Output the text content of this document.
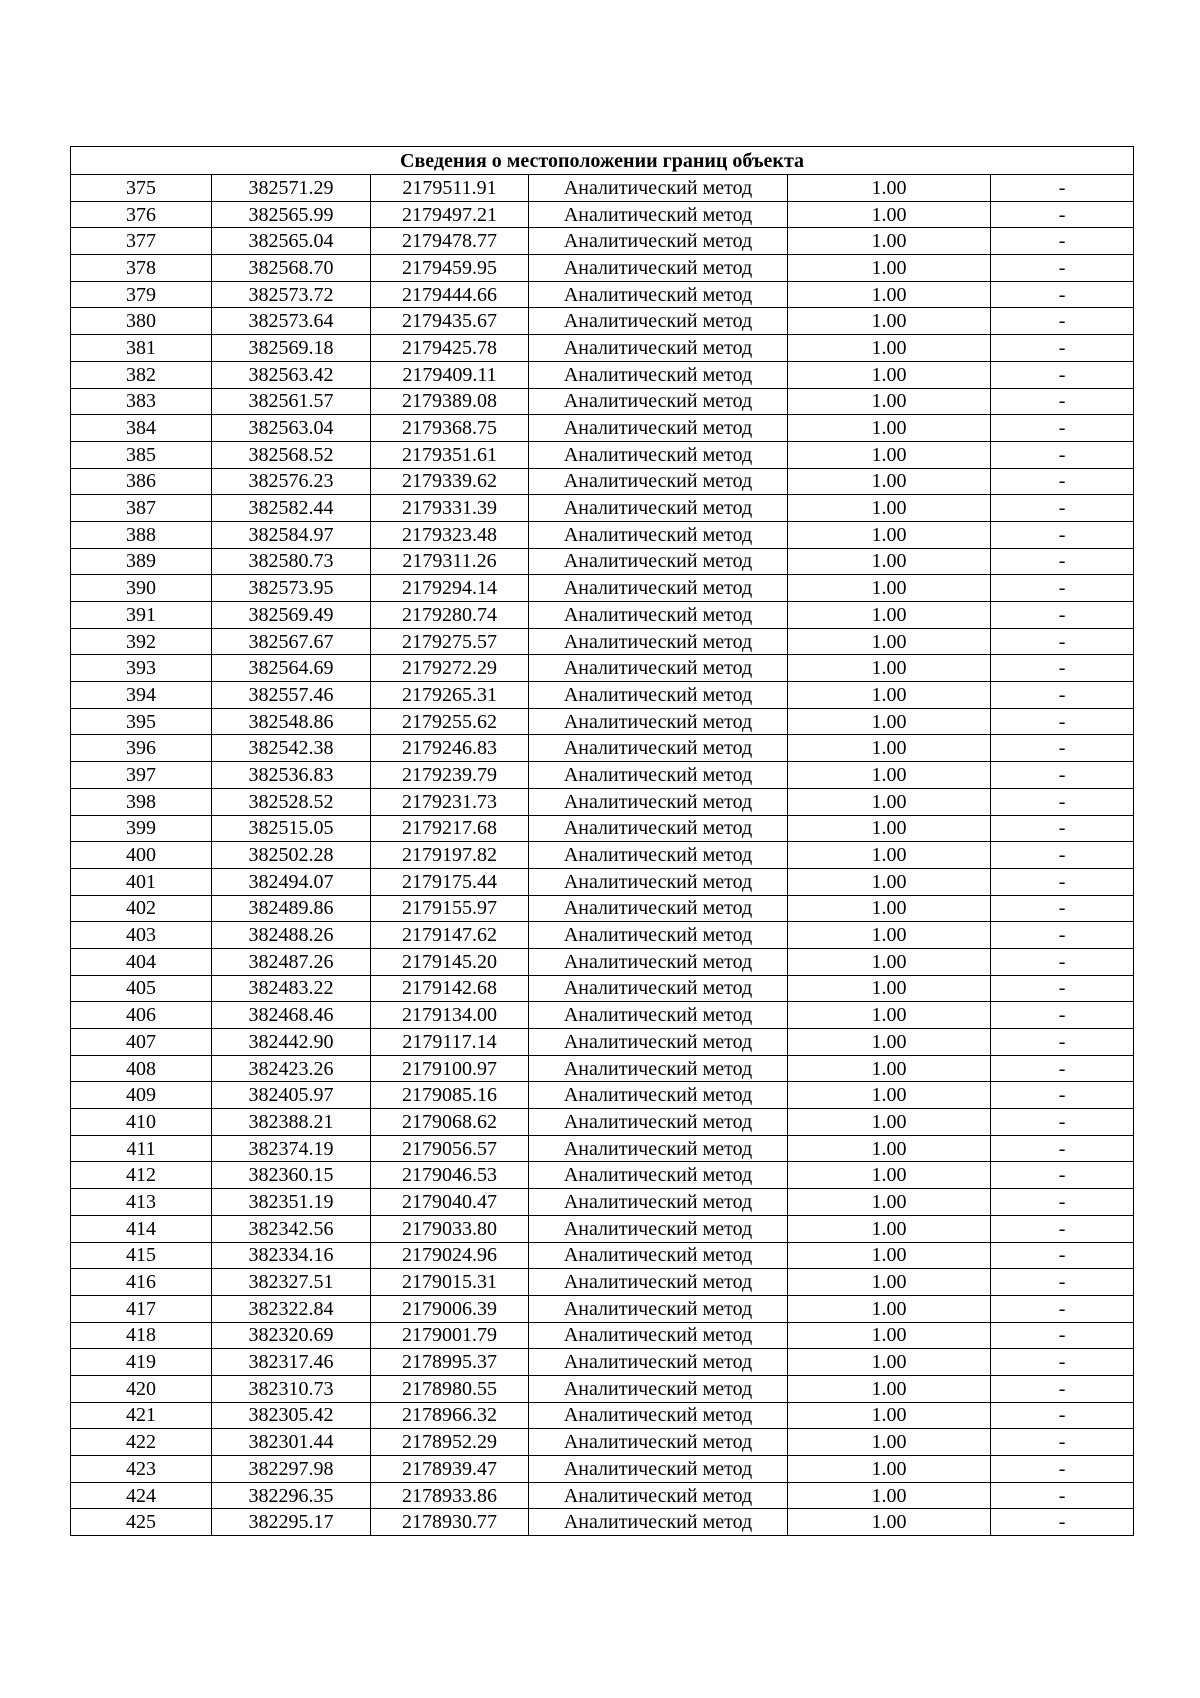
Сведения о местоположении границ объекта					
375	382571.29	2179511.91	Аналитический метод	1.00	-
376	382565.99	2179497.21	Аналитический метод	1.00	-
377	382565.04	2179478.77	Аналитический метод	1.00	-
378	382568.70	2179459.95	Аналитический метод	1.00	-
379	382573.72	2179444.66	Аналитический метод	1.00	-
380	382573.64	2179435.67	Аналитический метод	1.00	-
381	382569.18	2179425.78	Аналитический метод	1.00	-
382	382563.42	2179409.11	Аналитический метод	1.00	-
383	382561.57	2179389.08	Аналитический метод	1.00	-
384	382563.04	2179368.75	Аналитический метод	1.00	-
385	382568.52	2179351.61	Аналитический метод	1.00	-
386	382576.23	2179339.62	Аналитический метод	1.00	-
387	382582.44	2179331.39	Аналитический метод	1.00	-
388	382584.97	2179323.48	Аналитический метод	1.00	-
389	382580.73	2179311.26	Аналитический метод	1.00	-
390	382573.95	2179294.14	Аналитический метод	1.00	-
391	382569.49	2179280.74	Аналитический метод	1.00	-
392	382567.67	2179275.57	Аналитический метод	1.00	-
393	382564.69	2179272.29	Аналитический метод	1.00	-
394	382557.46	2179265.31	Аналитический метод	1.00	-
395	382548.86	2179255.62	Аналитический метод	1.00	-
396	382542.38	2179246.83	Аналитический метод	1.00	-
397	382536.83	2179239.79	Аналитический метод	1.00	-
398	382528.52	2179231.73	Аналитический метод	1.00	-
399	382515.05	2179217.68	Аналитический метод	1.00	-
400	382502.28	2179197.82	Аналитический метод	1.00	-
401	382494.07	2179175.44	Аналитический метод	1.00	-
402	382489.86	2179155.97	Аналитический метод	1.00	-
403	382488.26	2179147.62	Аналитический метод	1.00	-
404	382487.26	2179145.20	Аналитический метод	1.00	-
405	382483.22	2179142.68	Аналитический метод	1.00	-
406	382468.46	2179134.00	Аналитический метод	1.00	-
407	382442.90	2179117.14	Аналитический метод	1.00	-
408	382423.26	2179100.97	Аналитический метод	1.00	-
409	382405.97	2179085.16	Аналитический метод	1.00	-
410	382388.21	2179068.62	Аналитический метод	1.00	-
411	382374.19	2179056.57	Аналитический метод	1.00	-
412	382360.15	2179046.53	Аналитический метод	1.00	-
413	382351.19	2179040.47	Аналитический метод	1.00	-
414	382342.56	2179033.80	Аналитический метод	1.00	-
415	382334.16	2179024.96	Аналитический метод	1.00	-
416	382327.51	2179015.31	Аналитический метод	1.00	-
417	382322.84	2179006.39	Аналитический метод	1.00	-
418	382320.69	2179001.79	Аналитический метод	1.00	-
419	382317.46	2178995.37	Аналитический метод	1.00	-
420	382310.73	2178980.55	Аналитический метод	1.00	-
421	382305.42	2178966.32	Аналитический метод	1.00	-
422	382301.44	2178952.29	Аналитический метод	1.00	-
423	382297.98	2178939.47	Аналитический метод	1.00	-
424	382296.35	2178933.86	Аналитический метод	1.00	-
425	382295.17	2178930.77	Аналитический метод	1.00	-
